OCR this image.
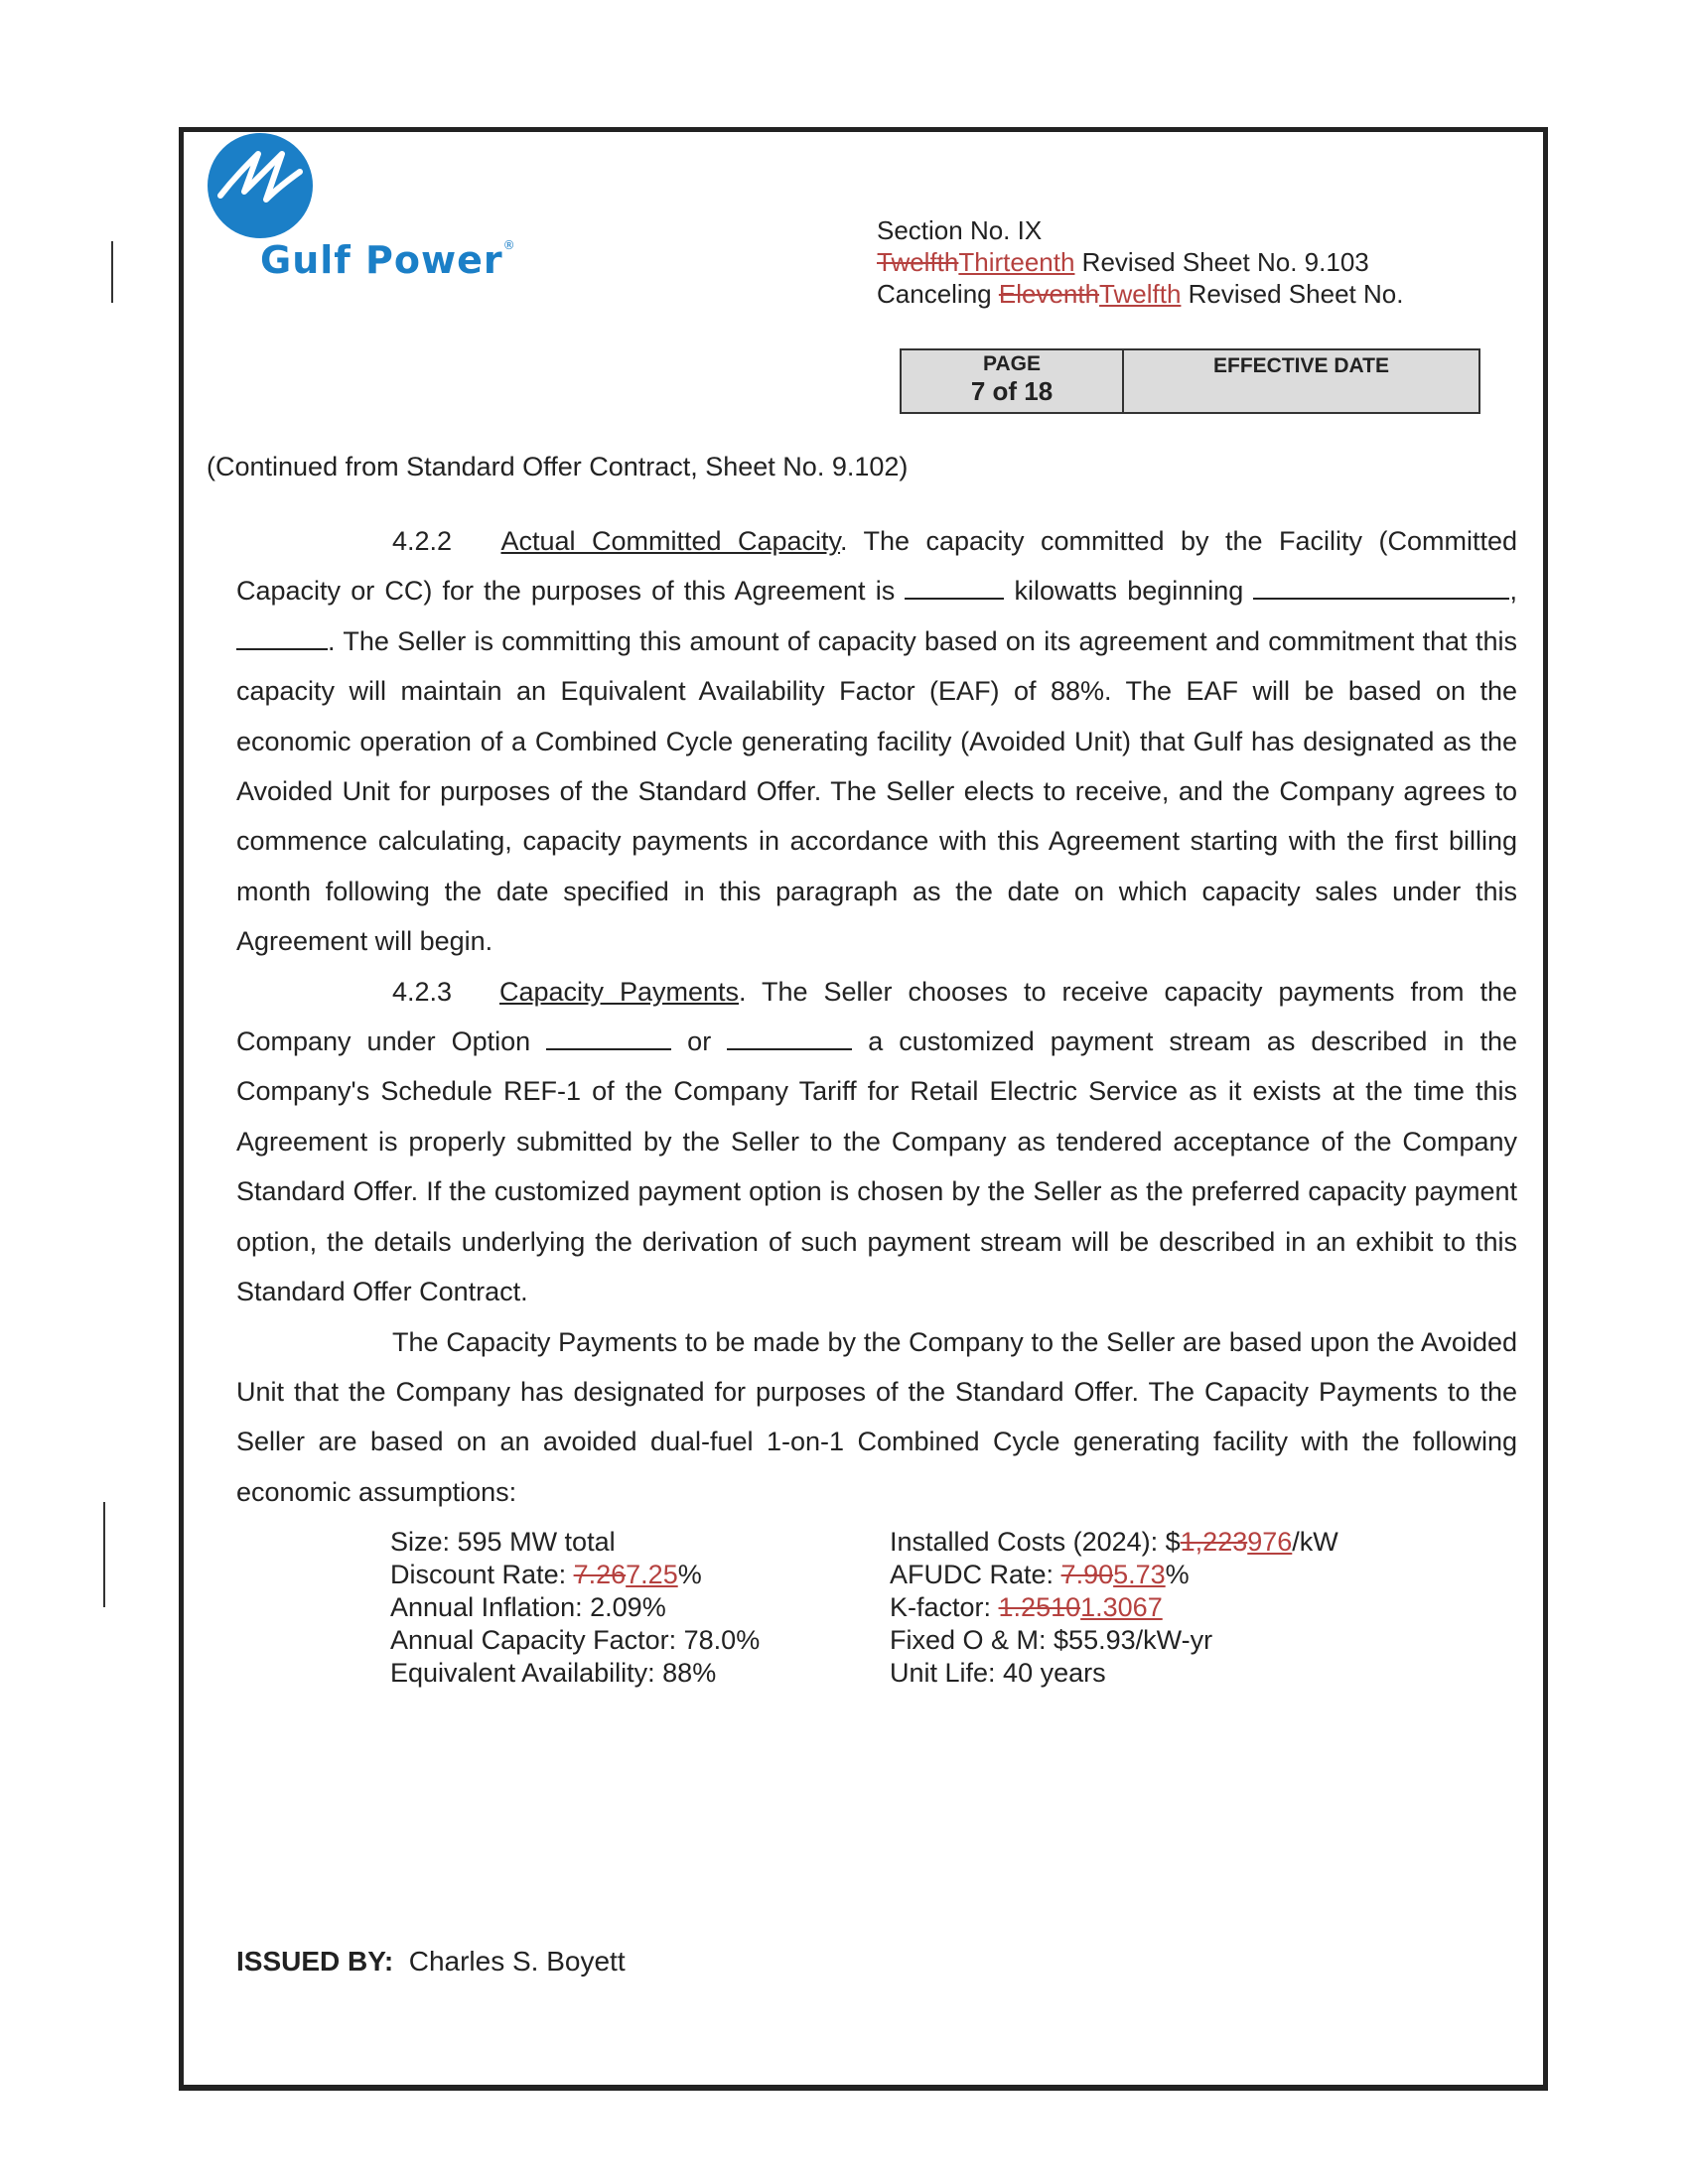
Gulf Power®	Section No. IX
TwelfthThirteenth Revised Sheet No. 9.103
Canceling EleventhTwelfth Revised Sheet No.
PAGE
7 of 18
EFFECTIVE DATE
(Continued from Standard Offer Contract, Sheet No. 9.102)

4.2.2 Actual Committed Capacity. The capacity committed by the Facility (Committed Capacity or CC) for the purposes of this Agreement is	kilowatts beginning	, . The Seller is committing this amount of capacity based on its agreement and commitment that this capacity will maintain an Equivalent Availability Factor (EAF) of 88%. The EAF will be based on the economic operation of a Combined Cycle generating facility (Avoided Unit) that Gulf has designated as the Avoided Unit for purposes of the Standard Offer. The Seller elects to receive, and the Company agrees to commence calculating, capacity payments in accordance with this Agreement starting with the first billing month following the date specified in this paragraph as the date on which capacity sales under this Agreement will begin.

4.2.3 Capacity Payments. The Seller chooses to receive capacity payments from the Company under Option	or	a customized payment stream as described in the Company's Schedule REF-1 of the Company Tariff for Retail Electric Service as it exists at the time this Agreement is properly submitted by the Seller to the Company as tendered acceptance of the Company Standard Offer. If the customized payment option is chosen by the Seller as the preferred capacity payment option, the details underlying the derivation of such payment stream will be described in an exhibit to this Standard Offer Contract.

The Capacity Payments to be made by the Company to the Seller are based upon the Avoided Unit that the Company has designated for purposes of the Standard Offer. The Capacity Payments to the Seller are based on an avoided dual-fuel 1-on-1 Combined Cycle generating facility with the following economic assumptions:

Size: 595 MW total
Discount Rate: 7.267.25%
Annual Inflation: 2.09%
Annual Capacity Factor: 78.0%
Equivalent Availability: 88%
Installed Costs (2024): $1,223976/kW
AFUDC Rate: 7.905.73%
K-factor: 1.25101.3067
Fixed O & M: $55.93/kW-yr
Unit Life: 40 years
ISSUED BY: Charles S. Boyett
